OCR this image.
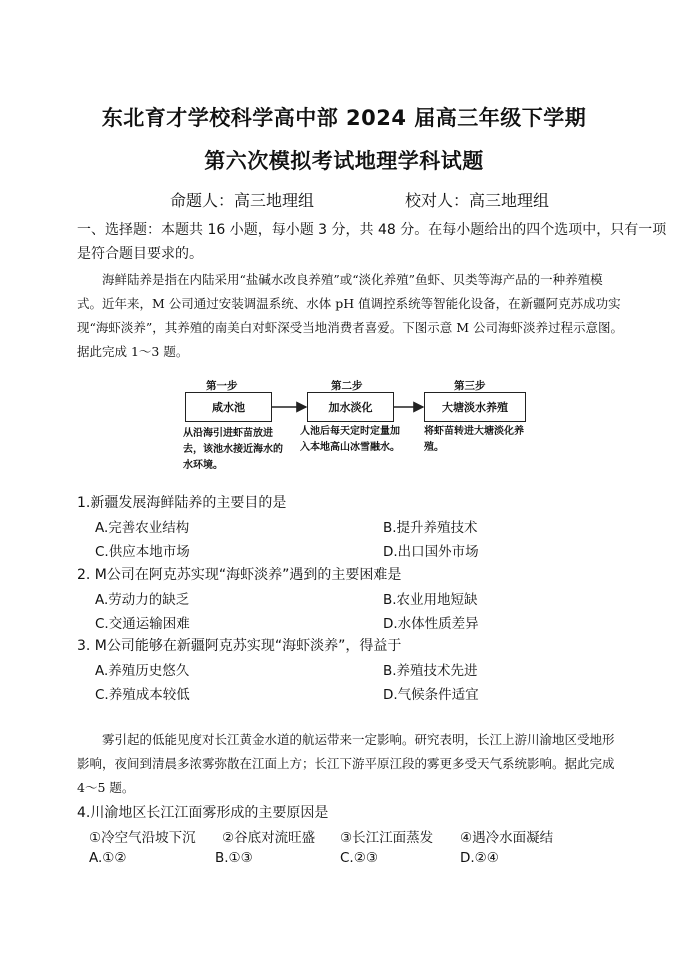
东北育才学校科学高中部 2024 届高三年级下学期
第六次模拟考试地理学科试题
命题人：高三地理组	校对人：高三地理组
一、选择题：本题共 16 小题，每小题 3 分，共 48 分。在每小题给出的四个选项中，只有一项是符合题目要求的。
海鲜陆养是指在内陆采用“盐碱水改良养殖”或“淡化养殖”鱼虾、贝类等海产品的一种养殖模式。近年来，M 公司通过安装调温系统、水体 pH 值调控系统等智能化设备，在新疆阿克苏成功实现“海虾淡养”，其养殖的南美白对虾深受当地消费者喜爱。下图示意 M 公司海虾淡养过程示意图。据此完成 1～3 题。
第一步	第二步	第三步
咸水池	加水淡化	大塘淡水养殖
从沿海引进虾苗放进去，该池水接近海水的水环境。
人池后每天定时定量加入本地高山冰雪融水。
将虾苗转进大塘淡化养殖。
1.新疆发展海鲜陆养的主要目的是
A.完善农业结构	B.提升养殖技术
C.供应本地市场	D.出口国外市场
2. M公司在阿克苏实现“海虾淡养”遇到的主要困难是
A.劳动力的缺乏	B.农业用地短缺
C.交通运输困难	D.水体性质差异
3. M公司能够在新疆阿克苏实现“海虾淡养”，得益于
A.养殖历史悠久	B.养殖技术先进
C.养殖成本较低	D.气候条件适宜
雾引起的低能见度对长江黄金水道的航运带来一定影响。研究表明，长江上游川渝地区受地形影响，夜间到清晨多浓雾弥散在江面上方；长江下游平原江段的雾更多受天气系统影响。据此完成 4～5 题。
4.川渝地区长江江面雾形成的主要原因是
①冷空气沿坡下沉 ②谷底对流旺盛 ③长江江面蒸发 ④遇冷水面凝结
A.①②	B.①③	C.②③	D.②④
